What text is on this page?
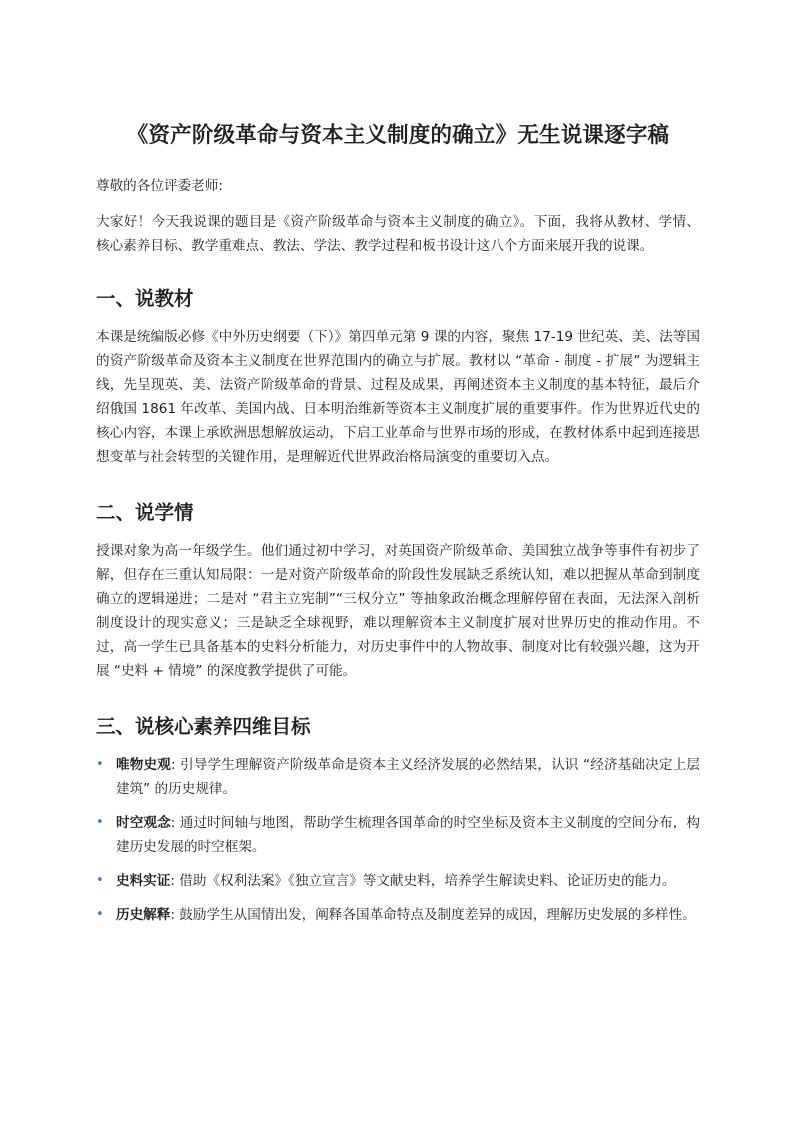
《资产阶级革命与资本主义制度的确立》无生说课逐字稿

尊敬的各位评委老师:

大家好！今天我说课的题目是《资产阶级革命与资本主义制度的确立》。下面，我将从教材、学情、核心素养目标、教学重难点、教法、学法、教学过程和板书设计这八个方面来展开我的说课。

一、说教材

本课是统编版必修《中外历史纲要（下）》第四单元第 9 课的内容，聚焦 17-19 世纪英、美、法等国的资产阶级革命及资本主义制度在世界范围内的确立与扩展。教材以 “革命 - 制度 - 扩展” 为逻辑主线，先呈现英、美、法资产阶级革命的背景、过程及成果，再阐述资本主义制度的基本特征，最后介绍俄国 1861 年改革、美国内战、日本明治维新等资本主义制度扩展的重要事件。作为世界近代史的核心内容，本课上承欧洲思想解放运动，下启工业革命与世界市场的形成，在教材体系中起到连接思想变革与社会转型的关键作用，是理解近代世界政治格局演变的重要切入点。

二、说学情

授课对象为高一年级学生。他们通过初中学习，对英国资产阶级革命、美国独立战争等事件有初步了解，但存在三重认知局限：一是对资产阶级革命的阶段性发展缺乏系统认知，难以把握从革命到制度确立的逻辑递进；二是对 “君主立宪制”“三权分立” 等抽象政治概念理解停留在表面，无法深入剖析制度设计的现实意义；三是缺乏全球视野，难以理解资本主义制度扩展对世界历史的推动作用。不过，高一学生已具备基本的史料分析能力，对历史事件中的人物故事、制度对比有较强兴趣，这为开展 “史料 + 情境” 的深度教学提供了可能。

三、说核心素养四维目标
• 唯物史观: 引导学生理解资产阶级革命是资本主义经济发展的必然结果，认识 “经济基础决定上层建筑” 的历史规律。
• 时空观念: 通过时间轴与地图，帮助学生梳理各国革命的时空坐标及资本主义制度的空间分布，构建历史发展的时空框架。
• 史料实证: 借助《权利法案》《独立宣言》等文献史料，培养学生解读史料、论证历史的能力。
• 历史解释: 鼓励学生从国情出发，阐释各国革命特点及制度差异的成因，理解历史发展的多样性。
